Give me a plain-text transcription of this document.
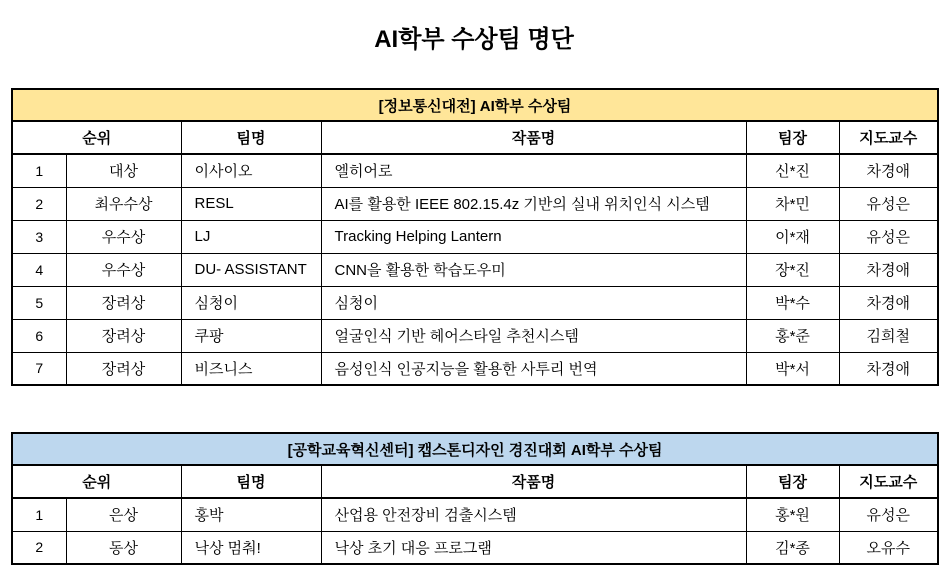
AI학부 수상팀 명단
[정보통신대전] AI학부 수상팀					
순위		팀명	작품명	팀장	지도교수
1	대상	이사이오	엘히어로	신*진	차경애
2	최우수상	RESL	AI를 활용한 IEEE 802.15.4z 기반의 실내 위치인식 시스템	차*민	유성은
3	우수상	LJ	Tracking Helping Lantern	이*재	유성은
4	우수상	DU- ASSISTANT	CNN을 활용한 학습도우미	장*진	차경애
5	장려상	심청이	심청이	박*수	차경애
6	장려상	쿠팡	얼굴인식 기반 헤어스타일 추천시스템	홍*준	김희철
7	장려상	비즈니스	음성인식 인공지능을 활용한 사투리 번역	박*서	차경애
[공학교육혁신센터] 캡스톤디자인 경진대회 AI학부 수상팀					
순위		팀명	작품명	팀장	지도교수
1	은상	홍박	산업용 안전장비 검출시스템	홍*원	유성은
2	동상	낙상 멈춰!	낙상 초기 대응 프로그램	김*종	오유수
